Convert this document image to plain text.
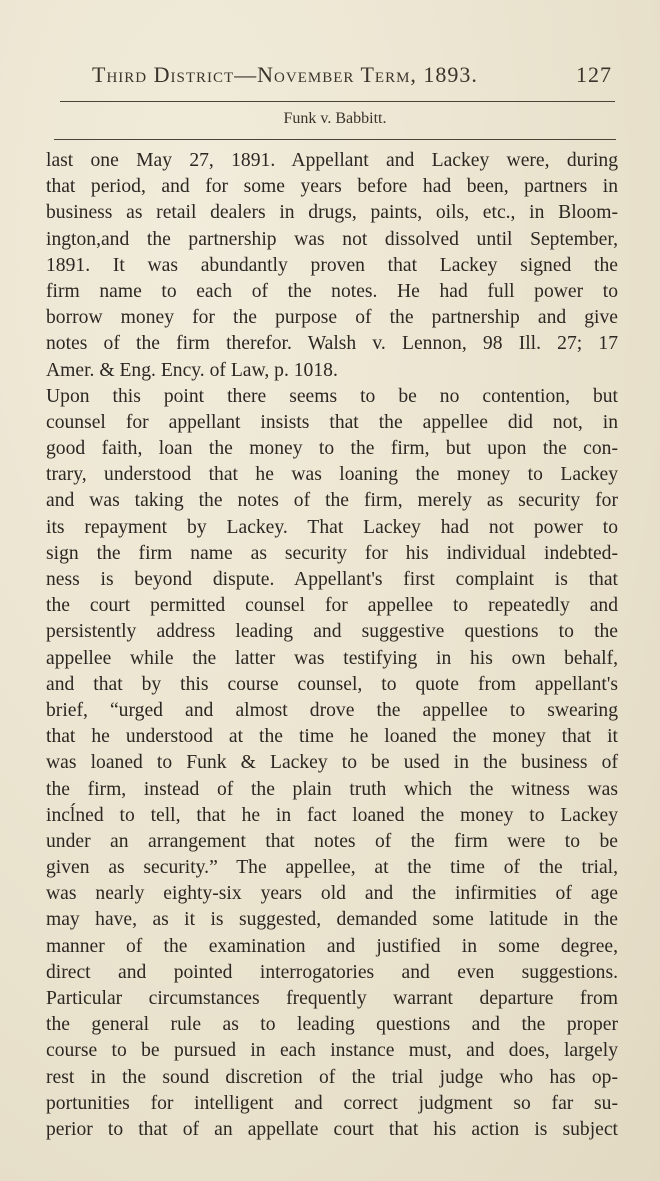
Third District—November Term, 1893.	127
Funk v. Babbitt.
last one May 27, 1891. Appellant and Lackey were, during
that period, and for some years before had been, partners in
business as retail dealers in drugs, paints, oils, etc., in Bloom-
ington,and the partnership was not dissolved until September,
1891. It was abundantly proven that Lackey signed the
firm name to each of the notes. He had full power to
borrow money for the purpose of the partnership and give
notes of the firm therefor. Walsh v. Lennon, 98 Ill. 27; 17
Amer. & Eng. Ency. of Law, p. 1018.
Upon this point there seems to be no contention, but
counsel for appellant insists that the appellee did not, in
good faith, loan the money to the firm, but upon the con-
trary, understood that he was loaning the money to Lackey
and was taking the notes of the firm, merely as security for
its repayment by Lackey. That Lackey had not power to
sign the firm name as security for his individual indebted-
ness is beyond dispute. Appellant's first complaint is that
the court permitted counsel for appellee to repeatedly and
persistently address leading and suggestive questions to the
appellee while the latter was testifying in his own behalf,
and that by this course counsel, to quote from appellant's
brief, “urged and almost drove the appellee to swearing
that he understood at the time he loaned the money that it
was loaned to Funk & Lackey to be used in the business of
the firm, instead of the plain truth which the witness was
incĺned to tell, that he in fact loaned the money to Lackey
under an arrangement that notes of the firm were to be
given as security.” The appellee, at the time of the trial,
was nearly eighty-six years old and the infirmities of age
may have, as it is suggested, demanded some latitude in the
manner of the examination and justified in some degree,
direct and pointed interrogatories and even suggestions.
Particular circumstances frequently warrant departure from
the general rule as to leading questions and the proper
course to be pursued in each instance must, and does, largely
rest in the sound discretion of the trial judge who has op-
portunities for intelligent and correct judgment so far su-
perior to that of an appellate court that his action is subject
